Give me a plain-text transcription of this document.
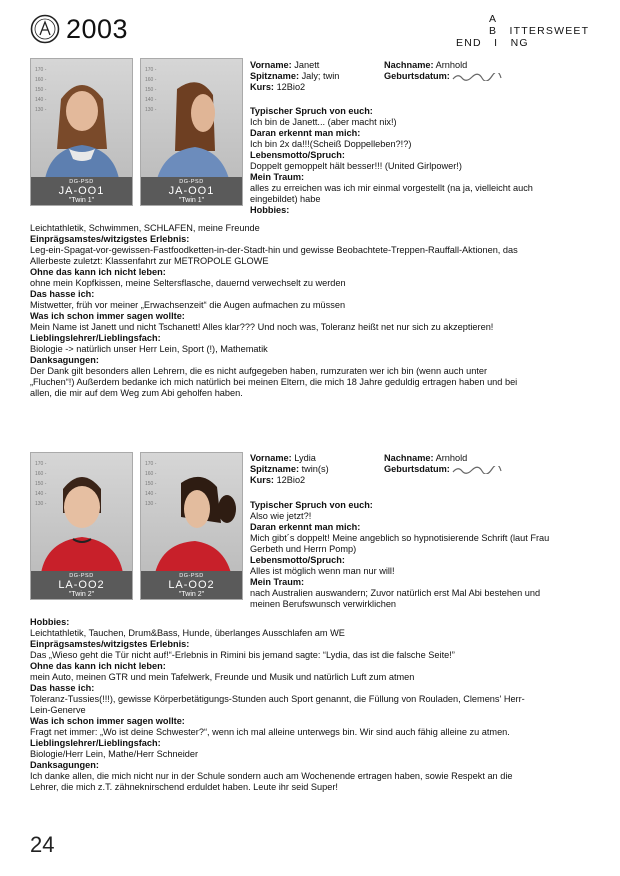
2003	A
B   ITTERSWEET
END   I   NG
170 -
160 -
150 -
140 -
130 -
DG-PSD
JA-OO1
"Twin 1"
170 -
160 -
150 -
140 -
130 -
DG-PSD
JA-OO1
"Twin 1"
Vorname: Janett	Nachname: Arnhold
Spitzname: Jaly; twin	Geburtsdatum:
Kurs: 12Bio2
Typischer Spruch von euch:
Ich bin de Janett... (aber macht nix!)
Daran erkennt man mich:
Ich bin 2x da!!!(Scheiß Doppelleben?!?)
Lebensmotto/Spruch:
Doppelt gemoppelt hält besser!!! (United Girlpower!)
Mein Traum:
alles zu erreichen was ich mir einmal vorgestellt (na ja, vielleicht auch
eingebildet) habe
Hobbies:
Leichtathletik, Schwimmen, SCHLAFEN, meine Freunde
Einprägsamstes/witzigstes Erlebnis:
Leg-ein-Spagat-vor-gewissen-Fastfoodketten-in-der-Stadt-hin und gewisse Beobachtete-Treppen-Rauffall-Aktionen, das
Allerbeste zuletzt: Klassenfahrt zur METROPOLE GLOWE
Ohne das kann ich nicht leben:
ohne mein Kopfkissen, meine Seltersflasche, dauernd verwechselt zu werden
Das hasse ich:
Mistwetter, früh vor meiner „Erwachsenzeit“ die Augen aufmachen zu müssen
Was ich schon immer sagen wollte:
Mein Name ist Janett und nicht Tschanett! Alles klar??? Und noch was, Toleranz heißt net nur sich zu akzeptieren!
Lieblingslehrer/Lieblingsfach:
Biologie -> natürlich unser Herr Lein, Sport (!), Mathematik
Danksagungen:
Der Dank gilt besonders allen Lehrern, die es nicht aufgegeben haben, rumzuraten wer ich bin (wenn auch unter
„Fluchen“!) Außerdem bedanke ich mich natürlich bei meinen Eltern, die mich 18 Jahre geduldig ertragen haben und bei
allen, die mir auf dem Weg zum Abi geholfen haben.
170 -
160 -
150 -
140 -
130 -
DG-PSD
LA-OO2
"Twin 2"
170 -
160 -
150 -
140 -
130 -
DG-PSD
LA-OO2
"Twin 2"
Vorname: Lydia	Nachname: Arnhold
Spitzname: twin(s)	Geburtsdatum:
Kurs: 12Bio2
Typischer Spruch von euch:
Also wie jetzt?!
Daran erkennt man mich:
Mich gibt´s doppelt! Meine angeblich so hypnotisierende Schrift (laut Frau
Gerbeth und Herrn Pomp)
Lebensmotto/Spruch:
Alles ist möglich wenn man nur will!
Mein Traum:
nach Australien auswandern; Zuvor natürlich erst Mal Abi bestehen und
meinen Berufswunsch verwirklichen
Hobbies:
Leichtathletik, Tauchen, Drum&Bass, Hunde, überlanges Ausschlafen am WE
Einprägsamstes/witzigstes Erlebnis:
Das „Wieso geht die Tür nicht auf!“-Erlebnis in Rimini bis jemand sagte: “Lydia, das ist die falsche Seite!”
Ohne das kann ich nicht leben:
mein Auto, meinen GTR und mein Tafelwerk, Freunde und Musik und natürlich Luft zum atmen
Das hasse ich:
Toleranz-Tussies(!!!), gewisse Körperbetätigungs-Stunden auch Sport genannt, die Füllung von Rouladen, Clemens' Herr-
Lein-Generve
Was ich schon immer sagen wollte:
Fragt net immer: „Wo ist deine Schwester?“, wenn ich mal alleine unterwegs bin. Wir sind auch fähig alleine zu atmen.
Lieblingslehrer/Lieblingsfach:
Biologie/Herr Lein, Mathe/Herr Schneider
Danksagungen:
Ich danke allen, die mich nicht nur in der Schule sondern auch am Wochenende ertragen haben, sowie Respekt an die
Lehrer, die mich z.T. zähneknirschend erduldet haben. Leute ihr seid Super!
24
